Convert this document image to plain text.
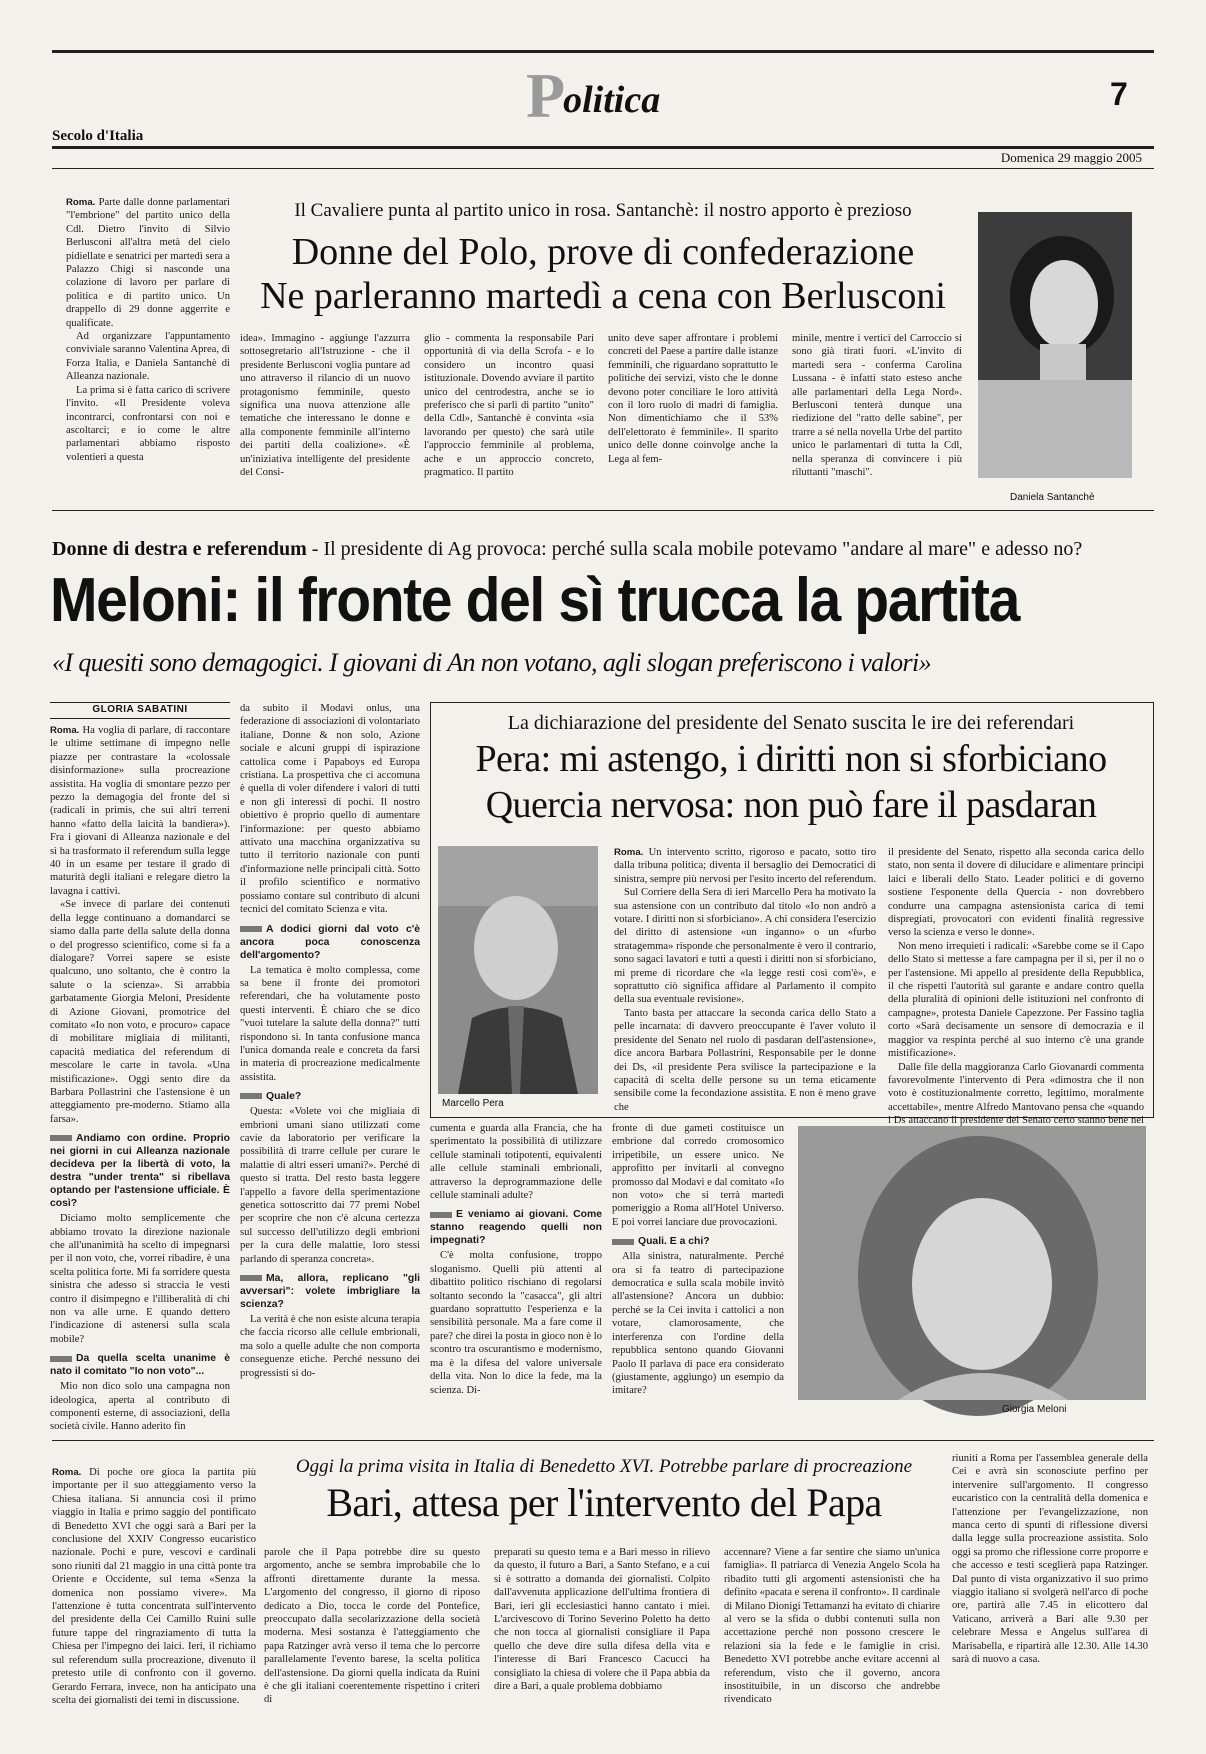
Politica	7
Secolo d'Italia
Domenica 29 maggio 2005

Roma. Parte dalle donne parlamentari "l'embrione" del partito unico della Cdl. Dietro l'invito di Silvio Berlusconi all'altra metà del cielo pidiellate e senatrici per martedì sera a Palazzo Chigi si nasconde una colazione di lavoro per parlare di politica e di partito unico. Un drappello di 29 donne aggerrite e qualificate.

Ad organizzare l'appuntamento conviviale saranno Valentina Aprea, di Forza Italia, e Daniela Santanchè di Alleanza nazionale.

La prima si è fatta carico di scrivere l'invito. «Il Presidente voleva incontrarci, confrontarsi con noi e ascoltarci; e io come le altre parlamentari abbiamo risposto volentieri a questa

Il Cavaliere punta al partito unico in rosa. Santanchè: il nostro apporto è prezioso
Donne del Polo, prove di confederazione
Ne parleranno martedì a cena con Berlusconi
idea». Immagino - aggiunge l'azzurra sottosegretario all'Istruzione - che il presidente Berlusconi voglia puntare ad uno attraverso il rilancio di un nuovo protagonismo femminile, questo significa una nuova attenzione alle tematiche che interessano le donne e alla componente femminile all'interno dei partiti della coalizione». «È un'iniziativa intelligente del presidente del Consi-
glio - commenta la responsabile Pari opportunità di via della Scrofa - e lo considero un incontro quasi istituzionale. Dovendo avviare il partito unico del centrodestra, anche se io preferisco che si parli di partito "unito" della Cdl», Santanchè è convinta «sia lavorando per questo) che sarà utile l'approccio femminile al problema, ache e un approccio concreto, pragmatico. Il partito
unito deve saper affrontare i problemi concreti del Paese a partire dalle istanze femminili, che riguardano soprattutto le politiche dei servizi, visto che le donne devono poter conciliare le loro attività con il loro ruolo di madri di famiglia. Non dimentichiamo che il 53% dell'elettorato è femminile». Il sparito unico delle donne coinvolge anche la Lega al fem-
minile, mentre i vertici del Carroccio si sono già tirati fuori. «L'invito di martedì sera - conferma Carolina Lussana - è infatti stato esteso anche alle parlamentari della Lega Nord». Berlusconi tenterà dunque una riedizione del "ratto delle sabine", per trarre a sé nella novella Urbe del partito unico le parlamentari di tutta la Cdl, nella speranza di convincere i più riluttanti "maschi".
Daniela Santanchè
Donne di destra e referendum - Il presidente di Ag provoca: perché sulla scala mobile potevamo "andare al mare" e adesso no?
Meloni: il fronte del sì trucca la partita
«I quesiti sono demagogici. I giovani di An non votano, agli slogan preferiscono i valori»
GLORIA SABATINI

Roma. Ha voglia di parlare, di raccontare le ultime settimane di impegno nelle piazze per contrastare la «colossale disinformazione» sulla procreazione assistita. Ha voglia di smontare pezzo per pezzo la demagogia del fronte del sì (radicali in primis, che sui altri terreni hanno «fatto della laicità la bandiera»). Fra i giovani di Alleanza nazionale e del sì ha trasformato il referendum sulla legge 40 in un esame per testare il grado di maturità degli italiani e relegare dietro la lavagna i cattivi.

«Se invece di parlare dei contenuti della legge continuano a domandarci se siamo dalla parte della salute della donna o del progresso scientifico, come si fa a dialogare? Vorrei sapere se esiste qualcuno, uno soltanto, che è contro la salute o la scienza». Si arrabbia garbatamente Giorgia Meloni, Presidente di Azione Giovani, promotrice del comitato «Io non voto, e procuro» capace di mobilitare migliaia di militanti, capacità mediatica del referendum di mescolare le carte in tavola. «Una mistificazione». Oggi sento dire da Barbara Pollastrini che l'astensione è un atteggiamento pre-moderno. Stiamo alla farsa».

Andiamo con ordine. Proprio nei giorni in cui Alleanza nazionale decideva per la libertà di voto, la destra "under trenta" si ribellava optando per l'astensione ufficiale. È così?

Diciamo molto semplicemente che abbiamo trovato la direzione nazionale che all'unanimità ha scelto di impegnarsi per il non voto, che, vorrei ribadire, è una scelta politica forte. Mi fa sorridere questa sinistra che adesso si straccia le vesti contro il disimpegno e l'illiberalità di chi non va alle urne. E quando dettero l'indicazione di astenersi sulla scala mobile?

Da quella scelta unanime è nato il comitato "Io non voto"...

Mio non dico solo una campagna non ideologica, aperta al contributo di componenti esterne, di associazioni, della società civile. Hanno aderito fin

da subito il Modavi onlus, una federazione di associazioni di volontariato italiane, Donne & non solo, Azione sociale e alcuni gruppi di ispirazione cattolica come i Papaboys ed Europa cristiana. La prospettiva che ci accomuna è quella di voler difendere i valori di tutti e non gli interessi di pochi. Il nostro obiettivo è proprio quello di aumentare l'informazione: per questo abbiamo attivato una macchina organizzativa su tutto il territorio nazionale con punti d'informazione nelle principali città. Sotto il profilo scientifico e normativo possiamo contare sul contributo di alcuni tecnici del comitato Scienza e vita.

A dodici giorni dal voto c'è ancora poca conoscenza dell'argomento?

La tematica è molto complessa, come sa bene il fronte dei promotori referendari, che ha volutamente posto questi interventi. È chiaro che se dico "vuoi tutelare la salute della donna?" tutti rispondono sì. In tanta confusione manca l'unica domanda reale e concreta da farsi in materia di procreazione medicalmente assistita.

Quale?

Questa: «Volete voi che migliaia di embrioni umani siano utilizzati come cavie da laboratorio per verificare la possibilità di trarre cellule per curare le malattie di altri esseri umani?». Perché di questo si tratta. Del resto basta leggere l'appello a favore della sperimentazione genetica sottoscritto dai 77 premi Nobel per scoprire che non c'è alcuna certezza sul successo dell'utilizzo degli embrioni per la cura delle malattie, loro stessi parlando di speranza concreta».

Ma, allora, replicano "gli avversari": volete imbrigliare la scienza?

La verità è che non esiste alcuna terapia che faccia ricorso alle cellule embrionali, ma solo a quelle adulte che non comporta conseguenze etiche. Perché nessuno dei progressisti si do-

La dichiarazione del presidente del Senato suscita le ire dei referendari
Pera: mi astengo, i diritti non si sforbiciano
Quercia nervosa: non può fare il pasdaran
Marcello Pera

Roma. Un intervento scritto, rigoroso e pacato, sotto tiro dalla tribuna politica; diventa il bersaglio dei Democratici di sinistra, sempre più nervosi per l'esito incerto del referendum.

Sul Corriere della Sera di ieri Marcello Pera ha motivato la sua astensione con un contributo dal titolo «Io non andrò a votare. I diritti non si sforbiciano». A chi considera l'esercizio del diritto di astensione «un inganno» o un «furbo stratagemma» risponde che personalmente è vero il contrario, sono sagaci lavatori e tutti a questi i diritti non si sforbiciano, mi preme di ricordare che «la legge resti così com'è», e soprattutto ciò significa affidare al Parlamento il compito della sua eventuale revisione».

Tanto basta per attaccare la seconda carica dello Stato a pelle incarnata: di davvero preoccupante è l'aver voluto il presidente del Senato nel ruolo di pasdaran dell'astensione», dice ancora Barbara Pollastrini, Responsabile per le donne dei Ds, «il presidente Pera svilisce la partecipazione e la capacità di scelta delle persone su un tema eticamente sensibile come la fecondazione assistita. E non è meno grave che

il presidente del Senato, rispetto alla seconda carica dello stato, non senta il dovere di dilucidare e alimentare principi laici e liberali dello Stato. Leader politici e di governo sostiene l'esponente della Quercia - non dovrebbero condurre una campagna astensionista carica di temi dispregiati, provocatori con evidenti finalità regressive verso la scienza e verso le donne».

Non meno irrequieti i radicali: «Sarebbe come se il Capo dello Stato si mettesse a fare campagna per il sì, per il no o per l'astensione. Mi appello al presidente della Repubblica, il che rispetti l'autorità sul garante e andare contro quella della pluralità di opinioni delle istituzioni nel confronto di campagne», protesta Daniele Capezzone. Per Fassino taglia corto «Sarà decisamente un sensore di democrazia e il maggior va respinta perché al suo interno c'è una grande mistificazione».

Dalle file della maggioranza Carlo Giovanardi commenta favorevolmente l'intervento di Pera «dimostra che il non voto è costituzionalmente corretto, legittimo, moralmente accettabile», mentre Alfredo Mantovano pensa che «quando i Ds attaccano il presidente del Senato certo stanno bene nei

cumenta e guarda alla Francia, che ha sperimentato la possibilità di utilizzare cellule staminali totipotenti, equivalenti alle cellule staminali embrionali, attraverso la deprogrammazione delle cellule staminali adulte?

E veniamo ai giovani. Come stanno reagendo quelli non impegnati?

C'è molta confusione, troppo sloganismo. Quelli più attenti al dibattito politico rischiano di regolarsi soltanto secondo la "casacca", gli altri guardano soprattutto l'esperienza e la sensibilità personale. Ma a fare come il pare? che direi la posta in gioco non è lo scontro tra oscurantismo e modernismo, ma è la difesa del valore universale della vita. Non lo dice la fede, ma la scienza. Di-

fronte di due gameti costituisce un embrione dal corredo cromosomico irripetibile, un essere unico. Ne approfitto per invitarli al convegno promosso dal Modavi e dal comitato «Io non voto» che si terrà martedì pomeriggio a Roma all'Hotel Universo. E poi vorrei lanciare due provocazioni.

Quali. E a chi?

Alla sinistra, naturalmente. Perché ora si fa teatro di partecipazione democratica e sulla scala mobile invitò all'astensione? Ancora un dubbio: perché se la Cei invita i cattolici a non votare, clamorosamente, che interferenza con l'ordine della repubblica sentono quando Giovanni Paolo II parlava di pace era considerato (giustamente, aggiungo) un esempio da imitare?

Giorgia Meloni

Roma. Di poche ore gioca la partita più importante per il suo atteggiamento verso la Chiesa italiana. Si annuncia così il primo viaggio in Italia e primo saggio del pontificato di Benedetto XVI che oggi sarà a Bari per la conclusione del XXIV Congresso eucaristico nazionale. Pochi e pure, vescovi e cardinali sono riuniti dal 21 maggio in una città ponte tra Oriente e Occidente, sul tema «Senza la domenica non possiamo vivere». Ma l'attenzione è tutta concentrata sull'intervento del presidente della Cei Camillo Ruini sulle future tappe del ringraziamento di tutta la Chiesa per l'impegno dei laici. Ieri, il richiamo sul referendum sulla procreazione, divenuto il pretesto utile di confronto con il governo. Gerardo Ferrara, invece, non ha anticipato una scelta dei giornalisti dei temi in discussione.

Oggi la prima visita in Italia di Benedetto XVI. Potrebbe parlare di procreazione
Bari, attesa per l'intervento del Papa
parole che il Papa potrebbe dire su questo argomento, anche se sembra improbabile che lo affronti direttamente durante la messa. L'argomento del congresso, il giorno di riposo dedicato a Dio, tocca le corde del Pontefice, preoccupato dalla secolarizzazione della società moderna. Mesi sostanza è l'atteggiamento che papa Ratzinger avrà verso il tema che lo percorre parallelamente l'evento barese, la scelta politica dell'astensione. Da giorni quella indicata da Ruini è che gli italiani coerentemente rispettino i criteri di
preparati su questo tema e a Bari messo in rilievo da questo, il futuro a Bari, a Santo Stefano, e a cui si è sottratto a domanda dei giornalisti. Colpito dall'avvenuta applicazione dell'ultima frontiera di Bari, ieri gli ecclesiastici hanno cantato i miei. L'arcivescovo di Torino Severino Poletto ha detto che non tocca al giornalisti consigliare il Papa quello che deve dire sulla difesa della vita e l'interesse di Bari Francesco Cacucci ha consigliato la chiesa di volere che il Papa abbia da dire a Bari, a quale problema dobbiamo
accennare? Viene a far sentire che siamo un'unica famiglia». Il patriarca di Venezia Angelo Scola ha ribadito tutti gli argomenti astensionisti che ha definito «pacata e serena il confronto». Il cardinale di Milano Dionigi Tettamanzi ha evitato di chiarire al vero se la sfida o dubbi contenuti sulla non accettazione perché non possono crescere le relazioni sia la fede e le famiglie in crisi. Benedetto XVI potrebbe anche evitare accenni al referendum, visto che il governo, ancora insostituibile, in un discorso che andrebbe rivendicato
riuniti a Roma per l'assemblea generale della Cei e avrà sin sconosciute perfino per intervenire sull'argomento. Il congresso eucaristico con la centralità della domenica e l'attenzione per l'evangelizzazione, non manca certo di spunti di riflessione diversi dalla legge sulla procreazione assistita. Solo oggi sa promo che riflessione corre proporre e che accesso e testi sceglierà papa Ratzinger. Dal punto di vista organizzativo il suo primo viaggio italiano si svolgerà nell'arco di poche ore, partirà alle 7.45 in elicottero dal Vaticano, arriverà a Bari alle 9.30 per celebrare Messa e Angelus sull'area di Marisabella, e ripartirà alle 12.30. Alle 14.30 sarà di nuovo a casa.
